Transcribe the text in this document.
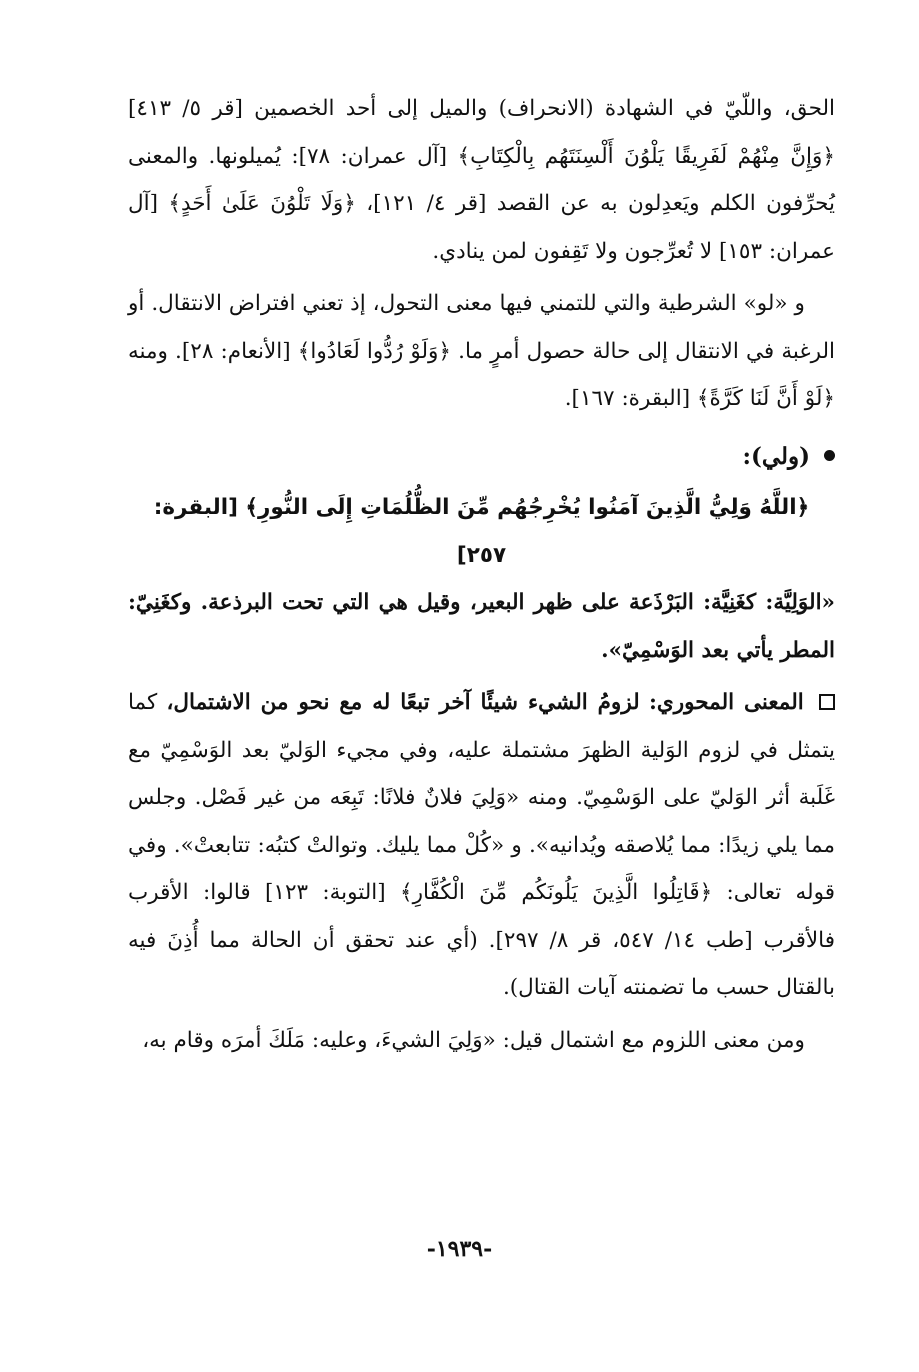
الحق، واللّيّ في الشهادة (الانحراف) والميل إلى أحد الخصمين [قر ٥/ ٤١٣] ﴿وَإِنَّ مِنْهُمْ لَفَرِيقًا يَلْوُنَ أَلْسِنَتَهُم بِالْكِتَابِ﴾ [آل عمران: ٧٨]: يُميلونها. والمعنى يُحرِّفون الكلم ويَعدِلون به عن القصد [قر ٤/ ١٢١]، ﴿وَلَا تَلْوُنَ عَلَىٰ أَحَدٍ﴾ [آل عمران: ١٥٣] لا تُعرِّجون ولا تَقِفون لمن ينادي.

و «لو» الشرطية والتي للتمني فيها معنى التحول، إذ تعني افتراض الانتقال. أو الرغبة في الانتقال إلى حالة حصول أمرٍ ما. ﴿وَلَوْ رُدُّوا لَعَادُوا﴾ [الأنعام: ٢٨]. ومنه ﴿لَوْ أَنَّ لَنَا كَرَّةً﴾ [البقرة: ١٦٧].

(ولي):

﴿اللَّهُ وَلِيُّ الَّذِينَ آمَنُوا يُخْرِجُهُم مِّنَ الظُّلُمَاتِ إِلَى النُّورِ﴾ [البقرة: ٢٥٧]

«الوَلِيَّة: كغَنِيَّة: البَرْذَعة على ظهر البعير، وقيل هي التي تحت البرذعة. وكغَنِيّ: المطر يأتي بعد الوَسْمِيّ».

المعنى المحوري: لزومُ الشيء شيئًا آخر تبعًا له مع نحو من الاشتمال، كما يتمثل في لزوم الوَلية الظهرَ مشتملة عليه، وفي مجيء الوَليّ بعد الوَسْمِيّ مع غَلَبة أثر الوَليّ على الوَسْمِيّ. ومنه «وَلِيَ فلانٌ فلانًا: تَبِعَه من غير فَصْل. وجلس مما يلي زيدًا: مما يُلاصقه ويُدانيه». و «كُلْ مما يليك. وتوالتْ كتبُه: تتابعتْ». وفي قوله تعالى: ﴿قَاتِلُوا الَّذِينَ يَلُونَكُم مِّنَ الْكُفَّارِ﴾ [التوبة: ١٢٣] قالوا: الأقرب فالأقرب [طب ١٤/ ٥٤٧، قر ٨/ ٢٩٧]. (أي عند تحقق أن الحالة مما أُذِنَ فيه بالقتال حسب ما تضمنته آيات القتال).

ومن معنى اللزوم مع اشتمال قيل: «وَلِيَ الشيءَ، وعليه: مَلَكَ أمرَه وقام به،

-١٩٣٩-
